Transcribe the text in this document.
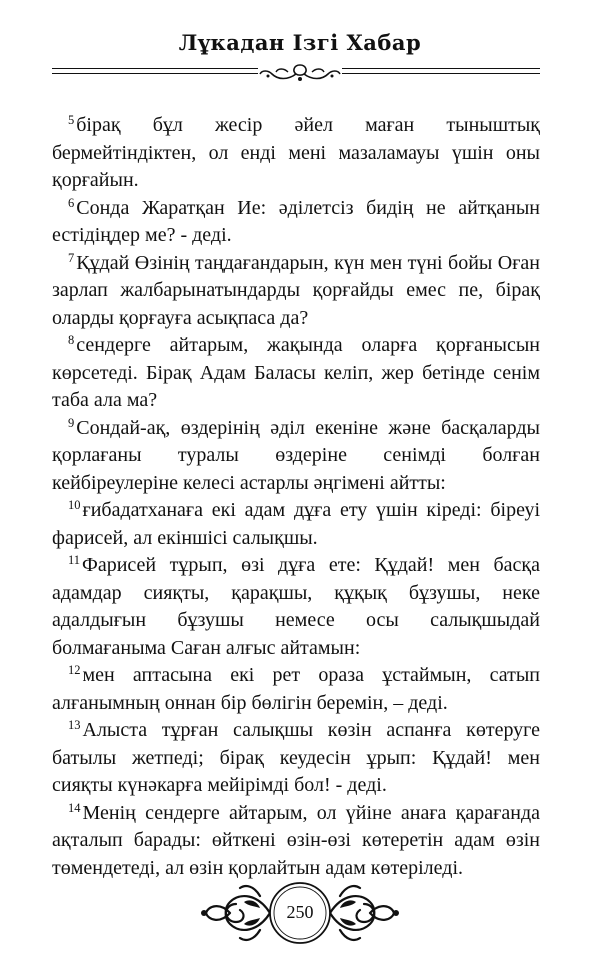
Лұкадан Ізгі Хабар

$^5$ бірақ бұл жесір әйел маған тыныштық бермейтіндіктен, ол енді мені мазаламауы үшін оны қорғайын.

$^6$ Сонда Жаратқан Ие: әділетсіз бидің не айтқанын естідіңдер ме? - деді.

$^7$ Құдай Өзінің таңдағандарын, күн мен түні бойы Оған зарлап жалбарынатындарды қорғайды емес пе, бірақ оларды қорғауға асықпаса да?

$^8$ сендерге айтарым, жақында оларға қорғанысын көрсетеді. Бірақ Адам Баласы келіп, жер бетінде сенім таба ала ма?

$^9$ Сондай-ақ, өздерінің әділ екеніне және басқаларды қорлағаны туралы өздеріне сенімді болған кейбіреулеріне келесі астарлы әңгімені айтты:

$^{10}$ ғибадатханаға екі адам дұға ету үшін кіреді: біреуі фарисей, ал екіншісі салықшы.

$^{11}$ Фарисей тұрып, өзі дұға ете: Құдай! мен басқа адамдар сияқты, қарақшы, құқық бұзушы, неке адалдығын бұзушы немесе осы салықшыдай болмағаныма Саған алғыс айтамын:

$^{12}$ мен аптасына екі рет ораза ұстаймын, сатып алғанымның оннан бір бөлігін беремін, – деді.

$^{13}$ Алыста тұрған салықшы көзін аспанға көтеруге батылы жетпеді; бірақ кеудесін ұрып: Құдай! мен сияқты күнәкарға мейірімді бол! - деді.

$^{14}$ Менің сендерге айтарым, ол үйіне анаға қарағанда ақталып барады: өйткені өзін-өзі көтеретін адам өзін төмендетеді, ал өзін қорлайтын адам көтеріледі.

250
